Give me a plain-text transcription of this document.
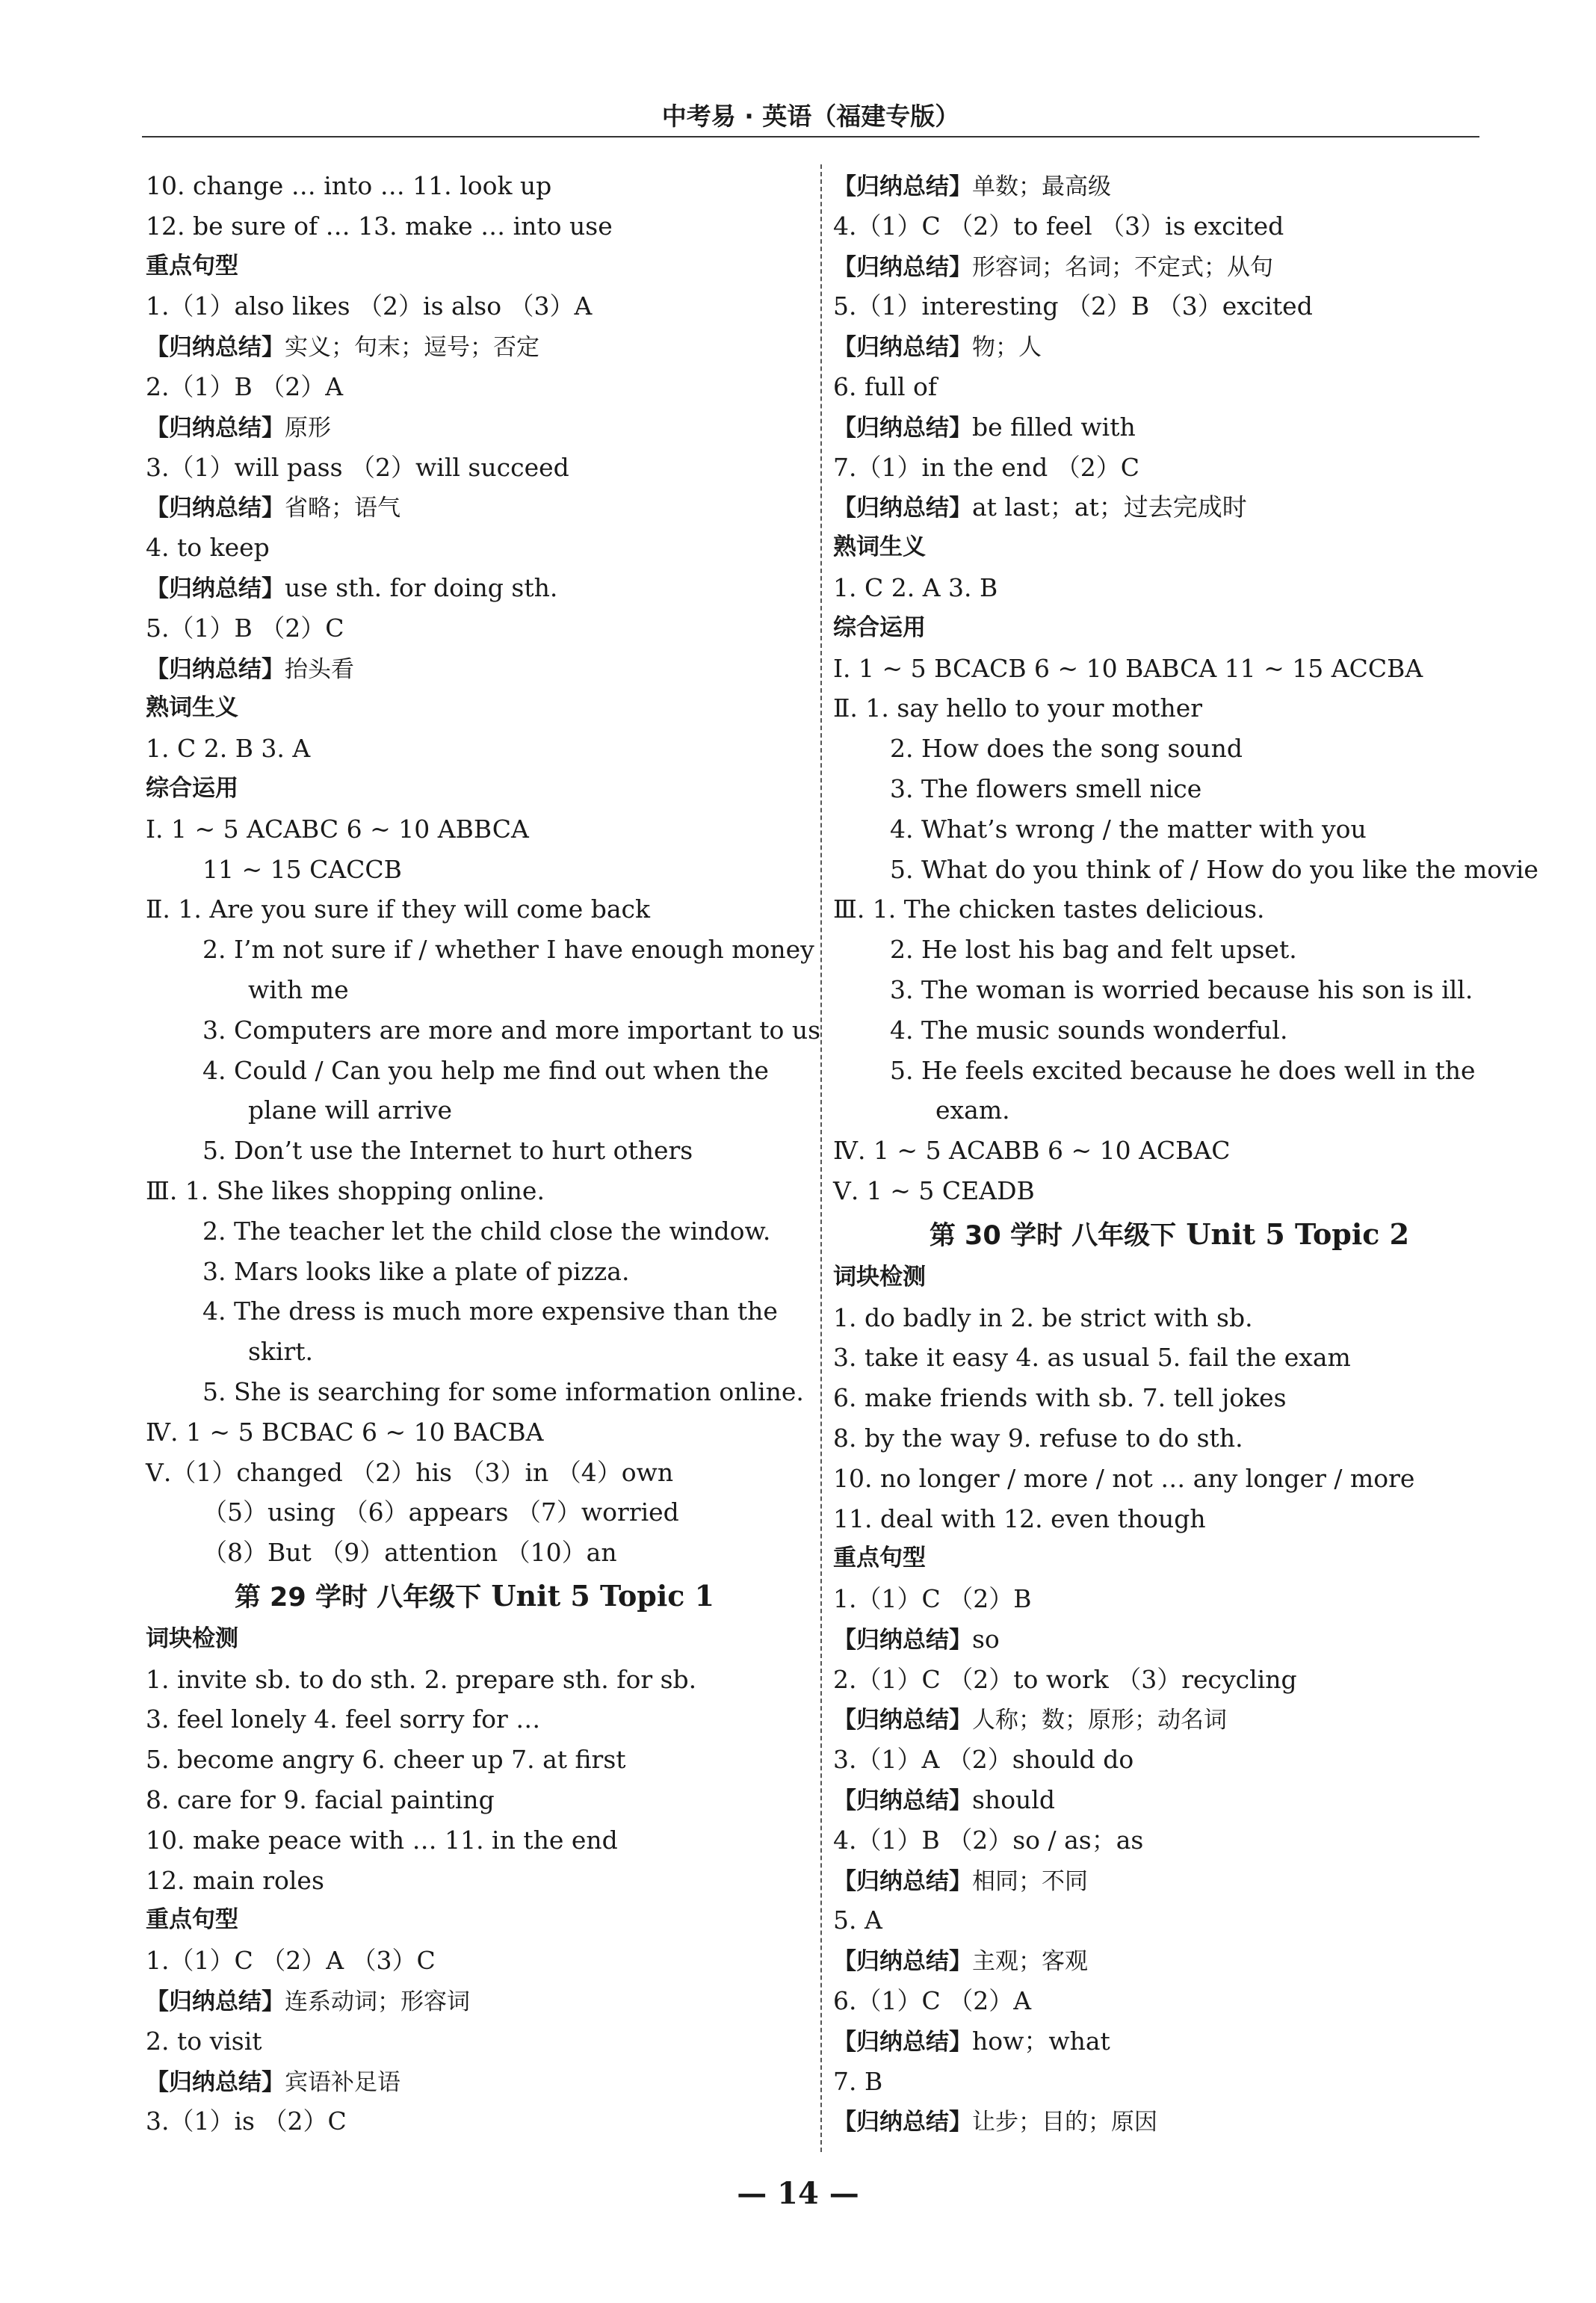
中考易 · 英语（福建专版）
10. change … into … 11. look up
12. be sure of … 13. make … into use
重点句型
1.（1）also likes （2）is also （3）A
【归纳总结】实义；句末；逗号；否定
2.（1）B （2）A
【归纳总结】原形
3.（1）will pass （2）will succeed
【归纳总结】省略；语气
4. to keep
【归纳总结】use sth. for doing sth.
5.（1）B （2）C
【归纳总结】抬头看
熟词生义
1. C 2. B 3. A
综合运用
Ⅰ. 1 ~ 5 ACABC 6 ~ 10 ABBCA
11 ~ 15 CACCB
Ⅱ. 1. Are you sure if they will come back
2. I’m not sure if / whether I have enough money
with me
3. Computers are more and more important to us
4. Could / Can you help me find out when the
plane will arrive
5. Don’t use the Internet to hurt others
Ⅲ. 1. She likes shopping online.
2. The teacher let the child close the window.
3. Mars looks like a plate of pizza.
4. The dress is much more expensive than the
skirt.
5. She is searching for some information online.
Ⅳ. 1 ~ 5 BCBAC 6 ~ 10 BACBA
Ⅴ.（1）changed （2）his （3）in （4）own
（5）using （6）appears （7）worried
（8）But （9）attention （10）an
第 29 学时 八年级下 Unit 5 Topic 1
词块检测
1. invite sb. to do sth. 2. prepare sth. for sb.
3. feel lonely 4. feel sorry for …
5. become angry 6. cheer up 7. at first
8. care for 9. facial painting
10. make peace with … 11. in the end
12. main roles
重点句型
1.（1）C （2）A （3）C
【归纳总结】连系动词；形容词
2. to visit
【归纳总结】宾语补足语
3.（1）is （2）C
【归纳总结】单数；最高级
4.（1）C （2）to feel （3）is excited
【归纳总结】形容词；名词；不定式；从句
5.（1）interesting （2）B （3）excited
【归纳总结】物；人
6. full of
【归纳总结】be filled with
7.（1）in the end （2）C
【归纳总结】at last；at；过去完成时
熟词生义
1. C 2. A 3. B
综合运用
Ⅰ. 1 ~ 5 BCACB 6 ~ 10 BABCA 11 ~ 15 ACCBA
Ⅱ. 1. say hello to your mother
2. How does the song sound
3. The flowers smell nice
4. What’s wrong / the matter with you
5. What do you think of / How do you like the movie
Ⅲ. 1. The chicken tastes delicious.
2. He lost his bag and felt upset.
3. The woman is worried because his son is ill.
4. The music sounds wonderful.
5. He feels excited because he does well in the
exam.
Ⅳ. 1 ~ 5 ACABB 6 ~ 10 ACBAC
Ⅴ. 1 ~ 5 CEADB
第 30 学时 八年级下 Unit 5 Topic 2
词块检测
1. do badly in 2. be strict with sb.
3. take it easy 4. as usual 5. fail the exam
6. make friends with sb. 7. tell jokes
8. by the way 9. refuse to do sth.
10. no longer / more / not … any longer / more
11. deal with 12. even though
重点句型
1.（1）C （2）B
【归纳总结】so
2.（1）C （2）to work （3）recycling
【归纳总结】人称；数；原形；动名词
3.（1）A （2）should do
【归纳总结】should
4.（1）B （2）so / as；as
【归纳总结】相同；不同
5. A
【归纳总结】主观；客观
6.（1）C （2）A
【归纳总结】how；what
7. B
【归纳总结】让步；目的；原因
— 14 —
